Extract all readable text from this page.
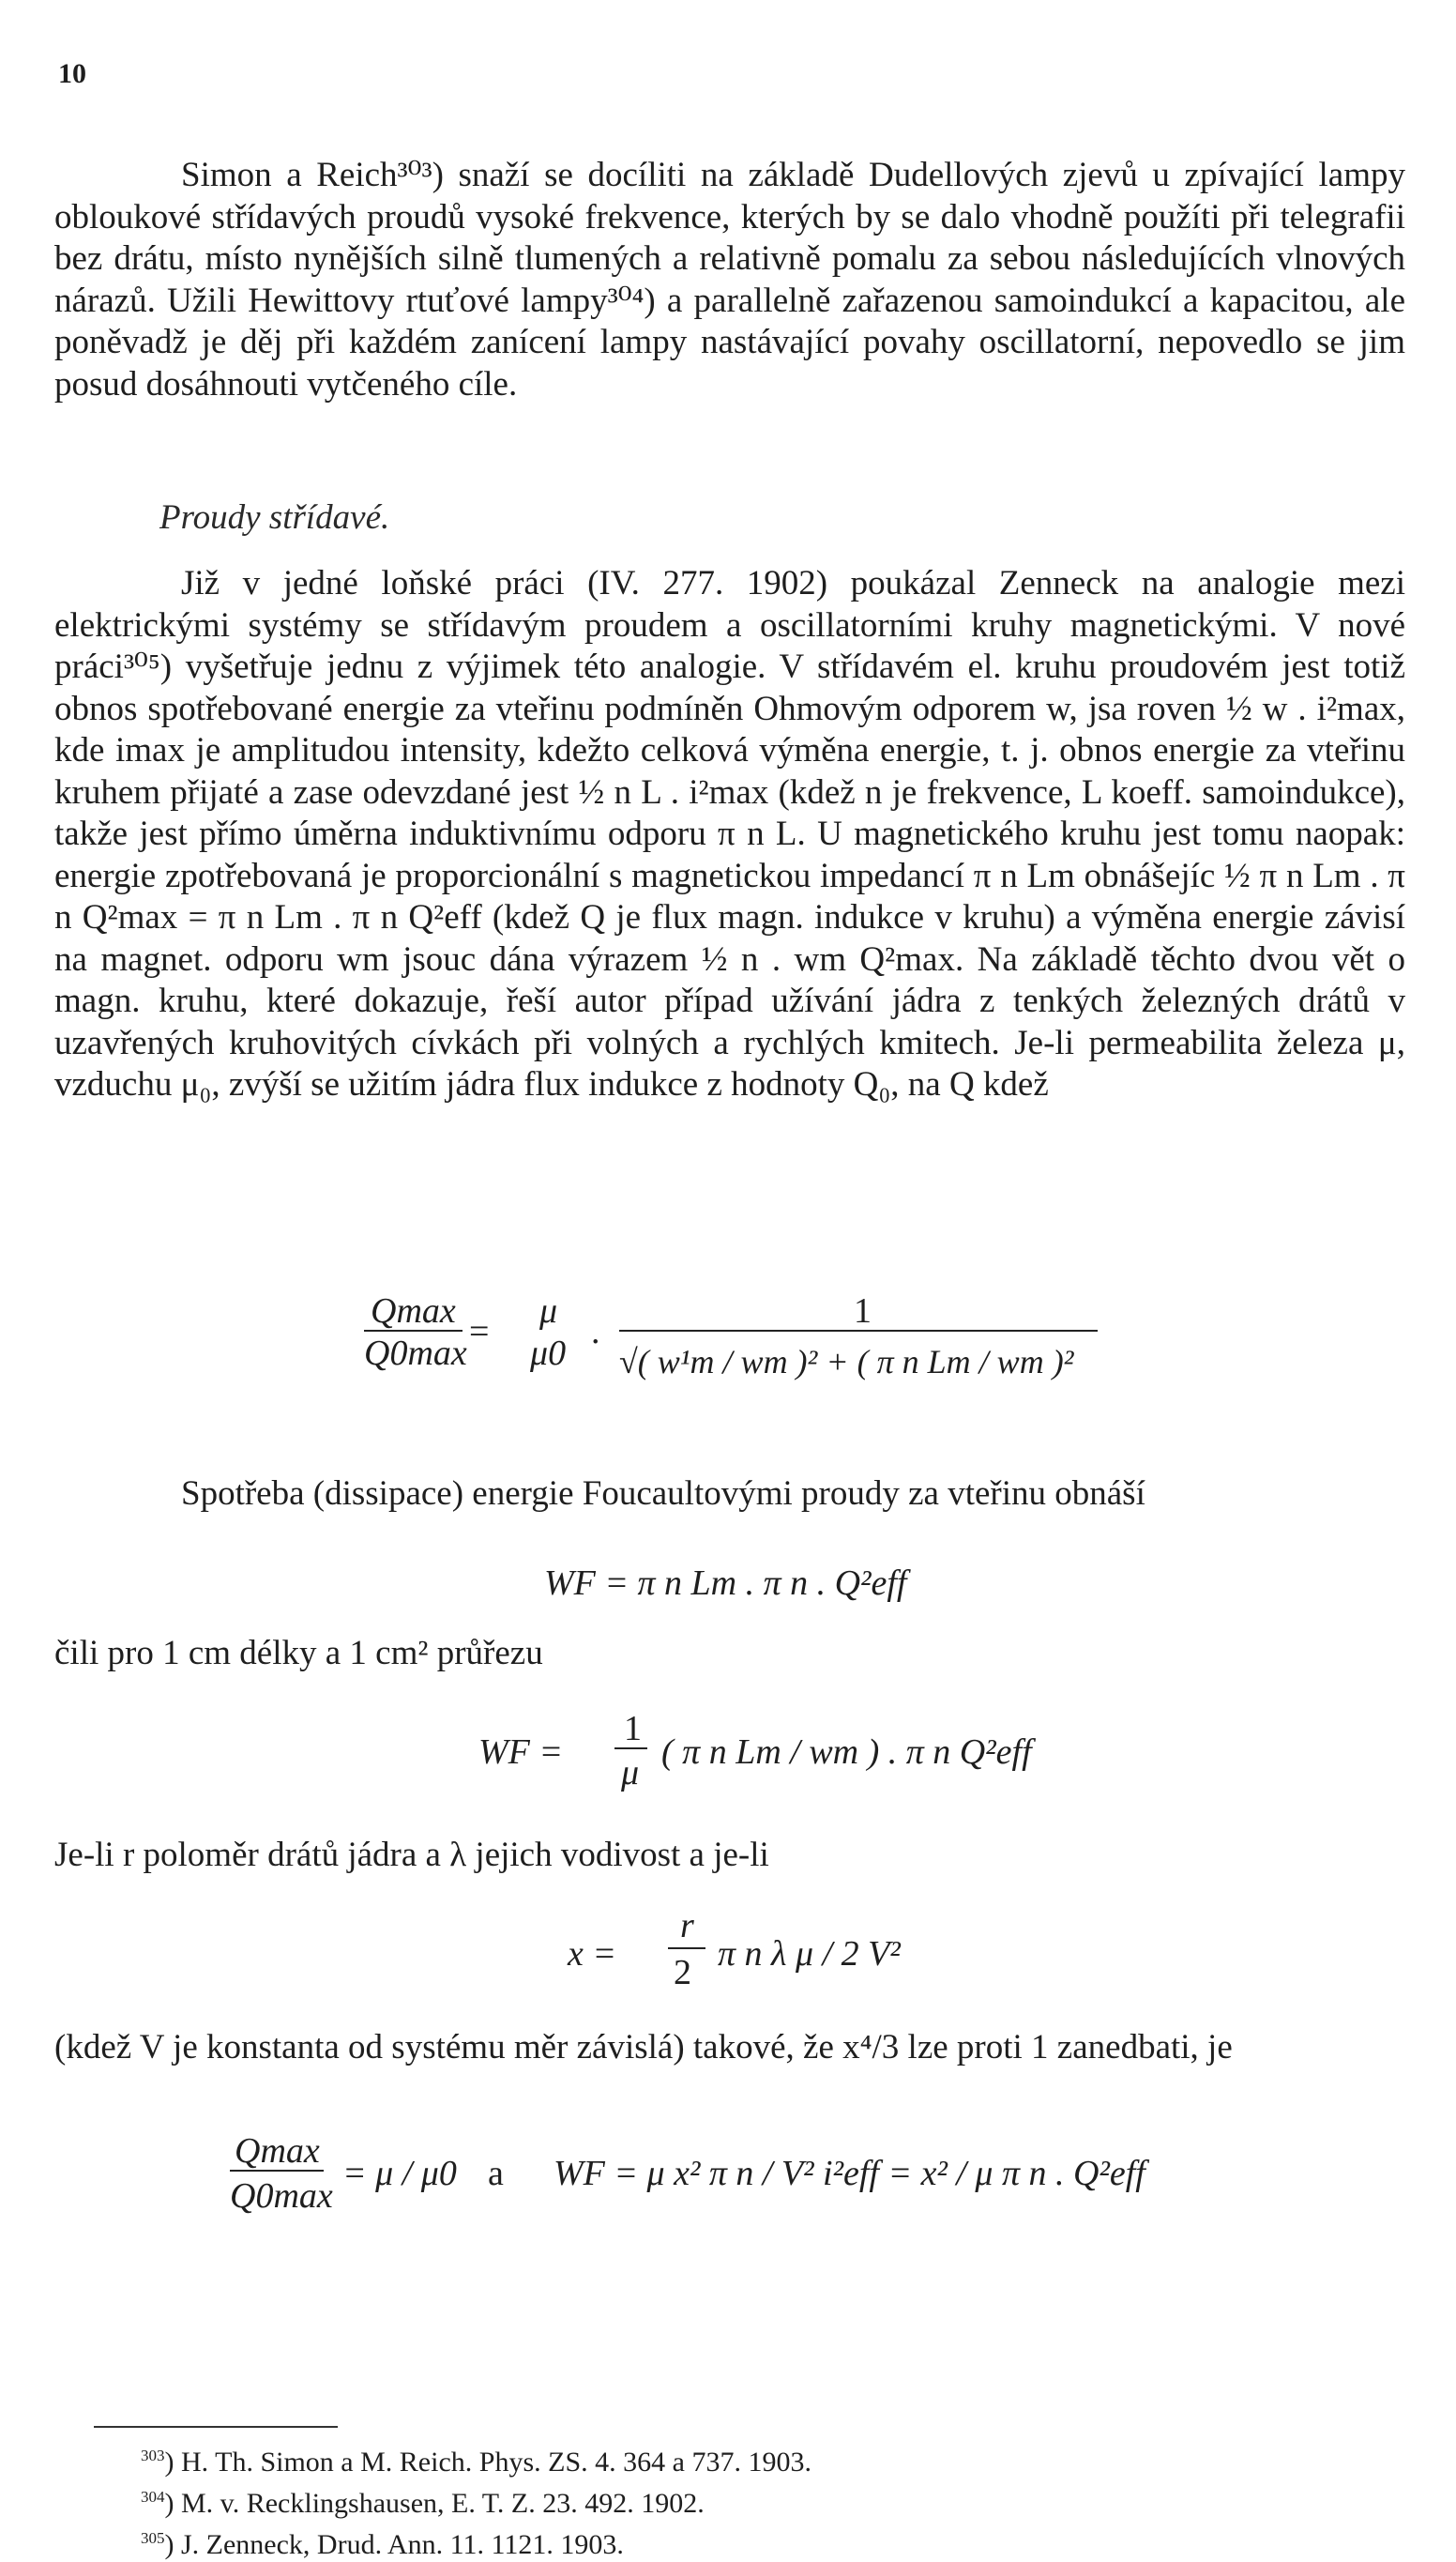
10

Simon a Reich³⁰³) snaží se docíliti na základě Dudellových zjevů u zpívající lampy obloukové střídavých proudů vysoké frekvence, kterých by se dalo vhodně použíti při telegrafii bez drátu, místo nynějších silně tlumených a relativně pomalu za sebou následujících vlnových nárazů. Užili Hewittovy rtuťové lampy³⁰⁴) a parallelně zařazenou samoindukcí a kapacitou, ale poněvadž je děj při každém zanícení lampy nastávající povahy oscillatorní, nepovedlo se jim posud dosáhnouti vytčeného cíle.

Proudy střídavé.

Již v jedné loňské práci (IV. 277. 1902) poukázal Zenneck na analogie mezi elektrickými systémy se střídavým proudem a oscillatorními kruhy magnetickými. V nové práci³⁰⁵) vyšetřuje jednu z výjimek této analogie. V střídavém el. kruhu proudovém jest totiž obnos spotřebované energie za vteřinu podmíněn Ohmovým odporem w, jsa roven ½ w . i²max, kde imax je amplitudou intensity, kdežto celková výměna energie, t. j. obnos energie za vteřinu kruhem přijaté a zase odevzdané jest ½ n L . i²max (kdež n je frekvence, L koeff. samoindukce), takže jest přímo úměrna induktivnímu odporu π n L. U magnetického kruhu jest tomu naopak: energie zpotřebovaná je proporcionální s magnetickou impedancí π n Lm obnášejíc ½ π n Lm . π n Q²max = π n Lm . π n Q²eff (kdež Q je flux magn. indukce v kruhu) a výměna energie závisí na magnet. odporu wm jsouc dána výrazem ½ n . wm Q²max. Na základě těchto dvou vět o magn. kruhu, které dokazuje, řeší autor případ užívání jádra z tenkých železných drátů v uzavřených kruhovitých cívkách při volných a rychlých kmitech. Je-li permeabilita železa μ, vzduchu μ₀, zvýší se užitím jádra flux indukce z hodnoty Q₀, na Q kdež

Qmax
Q0max
=
μ
μ0
.
1
√( w¹m / wm )² + ( π n Lm / wm )²

Spotřeba (dissipace) energie Foucaultovými proudy za vteřinu obnáší

WF = π n Lm . π n . Q²eff

čili pro 1 cm délky a 1 cm² průřezu

WF =
1
μ
( π n Lm / wm ) . π n Q²eff

Je-li r poloměr drátů jádra a λ jejich vodivost a je-li

x =
r
2 π n λ μ / 2 V²

(kdež V je konstanta od systému měr závislá) takové, že x⁴/3 lze proti 1 zanedbati, je

Qmax
Q0max
= μ / μ0 a WF = μ x² π n / V² i²eff = x² / μ π n . Q²eff
$^{303}$) H. Th. Simon a M. Reich. Phys. ZS. 4. 364 a 737. 1903.
$^{304}$) M. v. Recklingshausen, E. T. Z. 23. 492. 1902.
$^{305}$) J. Zenneck, Drud. Ann. 11. 1121. 1903.
